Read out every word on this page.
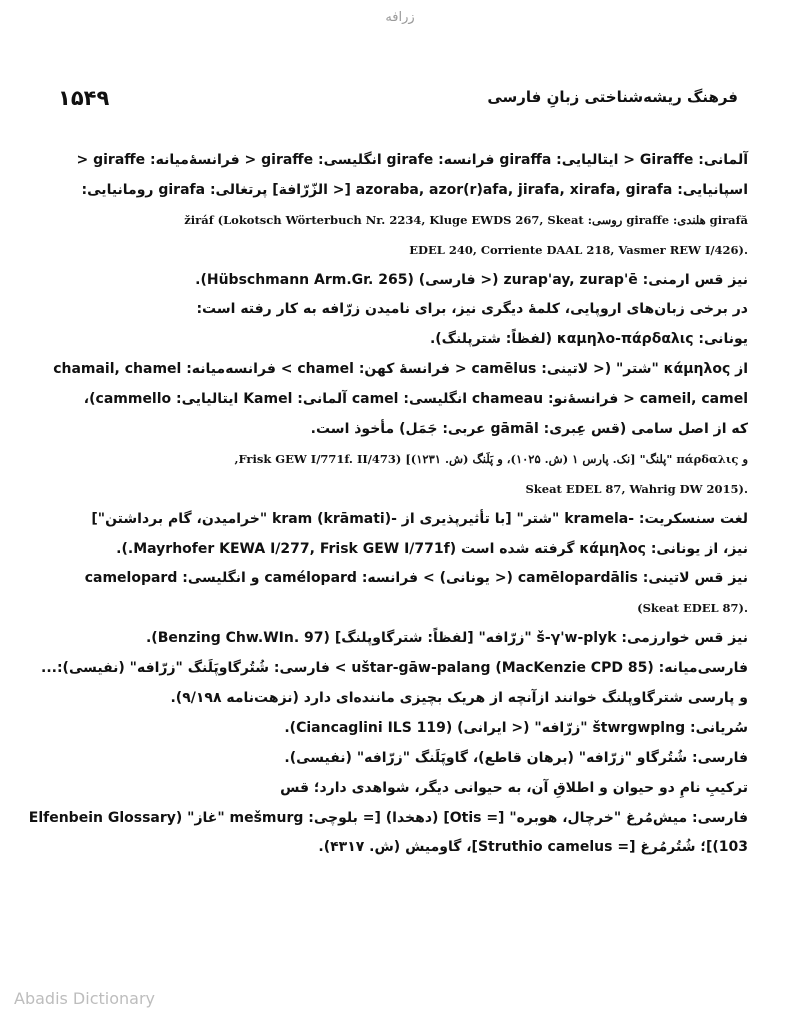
زرافه
۱۵۴۹	فرهنگ ریشه‌شناختی زبانِ فارسی
آلمانی: Giraffe < ایتالیایی: giraffa فرانسه: girafe انگلیسی: giraffe < فرانسهٔ‌میانه: giraffe <
اسپانیایی: azoraba, azor(r)afa, jirafa, xirafa, girafa [< الزّرّافة] پرتغالی: girafa رومانیایی:
girafă هلندی: giraffe روسی: žiráf (Lokotsch Wörterbuch Nr. 2234, Kluge EWDS 267, Skeat
.(EDEL 240, Corriente DAAL 218, Vasmer REW I/426
نیز قس ارمنی: zurap'ay, zurap'ē (< فارسی) (Hübschmann Arm.Gr. 265).
در برخی زبان‌های اروپایی، کلمهٔ دیگری نیز، برای نامیدن زرّافه به کار رفته است:
یونانی: καμηλο-πάρδαλις (لفظاً: شترپلنگ).
از κάμηλος "شتر" (< لاتینی: camēlus < فرانسهٔ کهن: chamel > فرانسه‌میانه: chamail, chamel
cameil, camel < فرانسهٔ‌نو: chameau انگلیسی: camel آلمانی: Kamel ایتالیایی: cammello)،
که از اصل سامی (قس عِبری: gāmāl عربی: جَمَل) مأخوذ است.
و πάρδαλις "پلنگ" [نک. پارس ۱ (ش. ۱۰۲۵)، و پَلَنگ (ش. ۱۲۳۱)] (Frisk GEW I/771f. II/473,
.(Skeat EDEL 87, Wahrig DW 2015
لغت سنسکریت: -kramela "شتر" [با تأثیرپذیری از -kram (krāmati) "خرامیدن، گام برداشتن"]
نیز، از یونانی: κάμηλος گرفته شده است (Mayrhofer KEWA I/277, Frisk GEW I/771f.).
نیز قس لاتینی: camēlopardālis (< یونانی) > فرانسه: camélopard و انگلیسی: camelopard
.(Skeat EDEL 87)
نیز قس خوارزمی: š-γ'w-plyk "زرّافه" [لفظاً: شترگاوپلنگ] (Benzing Chw.WIn. 97).
فارسی‌میانه: uštar-gāw-palang (MacKenzie CPD 85) > فارسی: شُتُرگاوپَلَنگ "زرّافه" (نفیسی):...
و پارسی شترگاوپلنگ خوانند ازآنچه از هریک بچیزی ماننده‌ای دارد (نزهت‌نامه ۹/۱۹۸).
سُریانی: štwrgwplng "زرّافه" (< ایرانی) (Ciancaglini ILS 119).
فارسی: شُتُرگاو "زرّافه" (برهان قاطع)، گاوپَلَنگ "زرّافه" (نفیسی).
ترکیبِ نامِ دو حیوان و اطلاقِ آن، به حیوانی دیگر، شواهدی دارد؛ قس
فارسی: میش‌مُرغ "خرچال، هوبره" [= Otis] (دهخدا) [= بلوچی: mešmurg "غاز" (Elfenbein Glossary
103)]؛ شُتُرمُرغ [= Struthio camelus]، گاومیش (ش. ۴۳۱۷).
Abadis Dictionary
